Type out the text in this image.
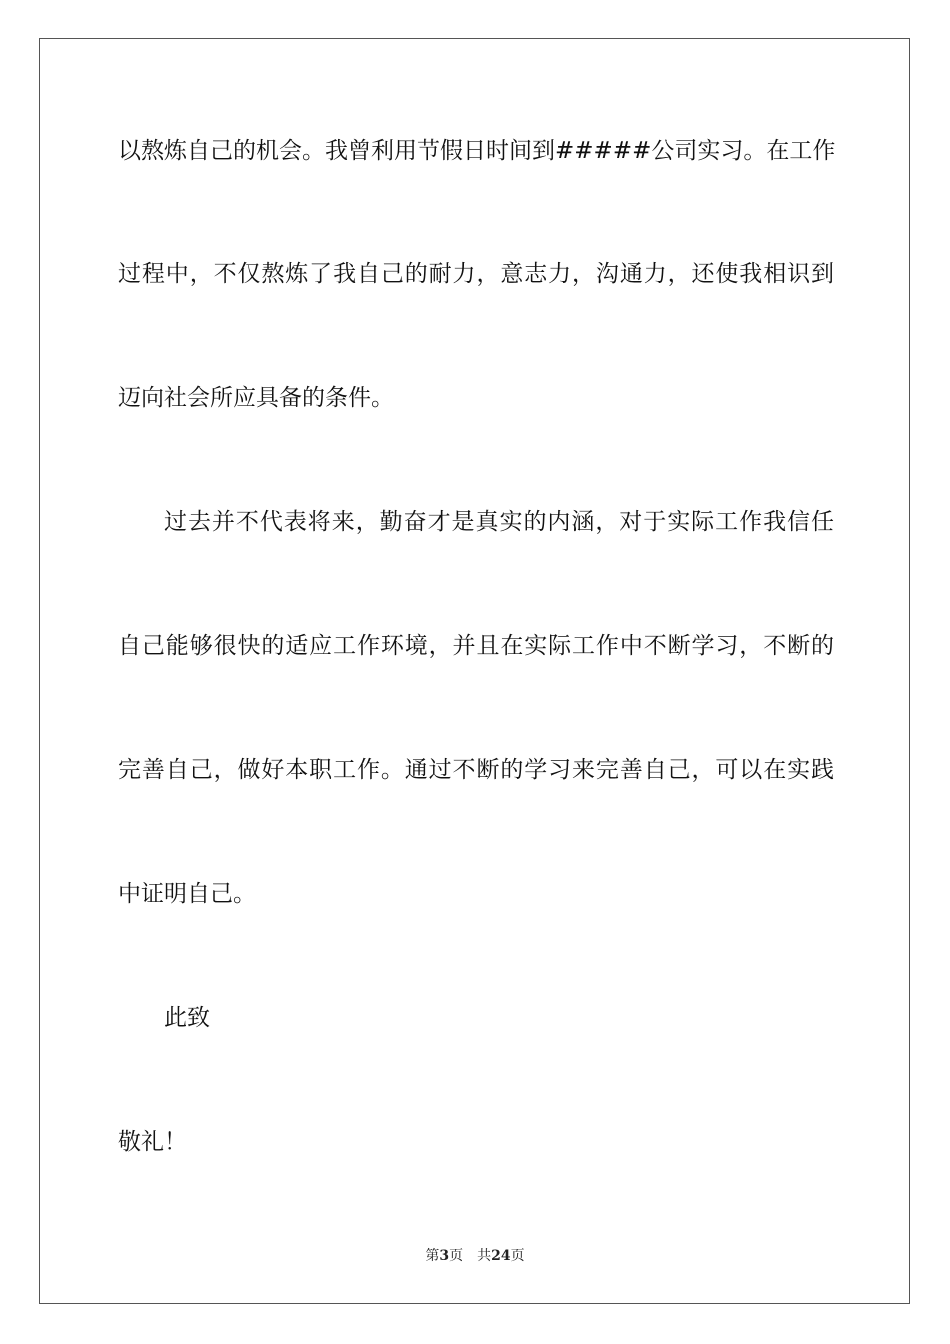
以熬炼自己的机会。我曾利用节假日时间到#####公司实习。在工作
过程中，不仅熬炼了我自己的耐力，意志力，沟通力，还使我相识到
迈向社会所应具备的条件。
过去并不代表将来，勤奋才是真实的内涵，对于实际工作我信任
自己能够很快的适应工作环境，并且在实际工作中不断学习，不断的
完善自己，做好本职工作。通过不断的学习来完善自己，可以在实践
中证明自己。
此致
敬礼！
第3页 共24页
